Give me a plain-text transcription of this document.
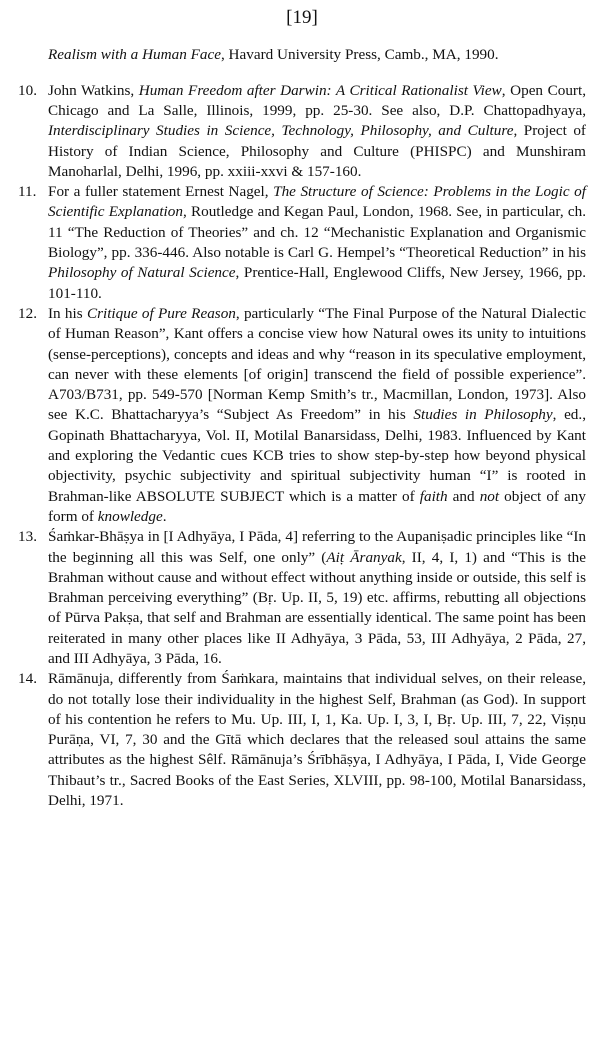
[19]

Realism with a Human Face, Havard University Press, Camb., MA, 1990.

10. John Watkins, Human Freedom after Darwin: A Critical Rationalist View, Open Court, Chicago and La Salle, Illinois, 1999, pp. 25-30. See also, D.P. Chattopadhyaya, Interdisciplinary Studies in Science, Technology, Philosophy, and Culture, Project of History of Indian Science, Philosophy and Culture (PHISPC) and Munshiram Manoharlal, Delhi, 1996, pp. xxiii-xxvi & 157-160.

11. For a fuller statement Ernest Nagel, The Structure of Science: Problems in the Logic of Scientific Explanation, Routledge and Kegan Paul, London, 1968. See, in particular, ch. 11 “The Reduction of Theories” and ch. 12 “Mechanistic Explanation and Organismic Biology”, pp. 336-446. Also notable is Carl G. Hempel’s “Theoretical Reduction” in his Philosophy of Natural Science, Prentice-Hall, Englewood Cliffs, New Jersey, 1966, pp. 101-110.

12. In his Critique of Pure Reason, particularly “The Final Purpose of the Natural Dialectic of Human Reason”, Kant offers a concise view how Natural owes its unity to intuitions (sense-perceptions), concepts and ideas and why “reason in its speculative employment, can never with these elements [of origin] transcend the field of possible experience”. A703/B731, pp. 549-570 [Norman Kemp Smith’s tr., Macmillan, London, 1973]. Also see K.C. Bhattacharyya’s “Subject As Freedom” in his Studies in Philosophy, ed., Gopinath Bhattacharyya, Vol. II, Motilal Banarsidass, Delhi, 1983. Influenced by Kant and exploring the Vedantic cues KCB tries to show step-by-step how beyond physical objectivity, psychic subjectivity and spiritual subjectivity human “I” is rooted in Brahman-like ABSOLUTE SUBJECT which is a matter of faith and not object of any form of knowledge.

13. Śaṁkar-Bhāṣya in [I Adhyāya, I Pāda, 4] referring to the Aupaniṣadic principles like “In the beginning all this was Self, one only” (Aiṭ Āranyak, II, 4, I, 1) and “This is the Brahman without cause and without effect without anything inside or outside, this self is Brahman perceiving everything” (Bṛ. Up. II, 5, 19) etc. affirms, rebutting all objections of Pūrva Pakṣa, that self and Brahman are essentially identical. The same point has been reiterated in many other places like II Adhyāya, 3 Pāda, 53, III Adhyāya, 2 Pāda, 27, and III Adhyāya, 3 Pāda, 16.

14. Rāmānuja, differently from Śaṁkara, maintains that individual selves, on their release, do not totally lose their individuality in the highest Self, Brahman (as God). In support of his contention he refers to Mu. Up. III, I, 1, Ka. Up. I, 3, I, Bṛ. Up. III, 7, 22, Viṣṇu Purāṇa, VI, 7, 30 and the Gītā which declares that the released soul attains the same attributes as the highest Sêlf. Rāmānuja’s Śrībhāṣya, I Adhyāya, I Pāda, I, Vide George Thibaut’s tr., Sacred Books of the East Series, XLVIII, pp. 98-100, Motilal Banarsidass, Delhi, 1971.
